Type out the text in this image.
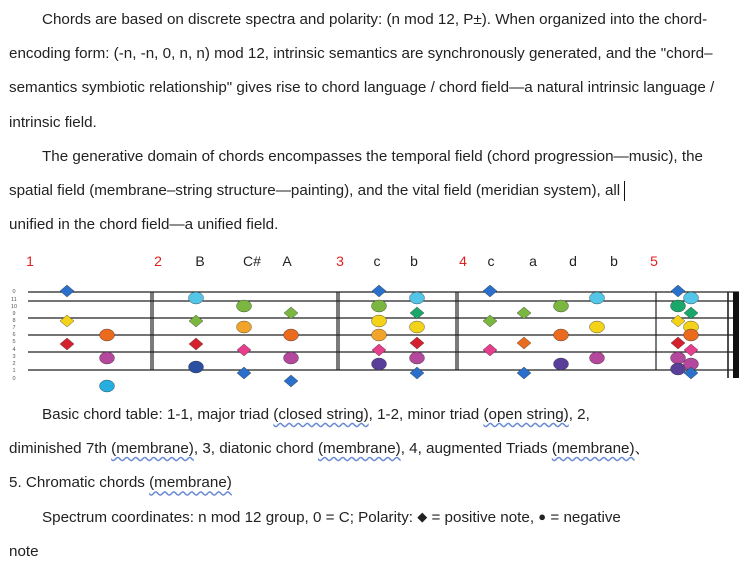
Chords are based on discrete spectra and polarity: (n mod 12, P±). When organized into the chord-encoding form: (-n, -n, 0, n, n) mod 12, intrinsic semantics are synchronously generated, and the "chord–semantics symbiotic relationship" gives rise to chord language / chord field—a natural intrinsic language / intrinsic field.

The generative domain of chords encompasses the temporal field (chord progression—music), the spatial field (membrane–string structure—painting), and the vital field (meridian system), all
unified in the chord field—a unified field.

1	2	3	4	5
B	C# A	c b	c a d b
0
11
10
9
8
7
6
5
4
3
2
1
0

Basic chord table: 1-1, major triad (closed string), 1-2, minor triad (open string), 2,
diminished 7th (membrane), 3, diatonic chord (membrane), 4, augmented Triads (membrane)、
5. Chromatic chords (membrane)

Spectrum coordinates: n mod 12 group, 0 = C; Polarity: ◆ = positive note, ● = negative
note
